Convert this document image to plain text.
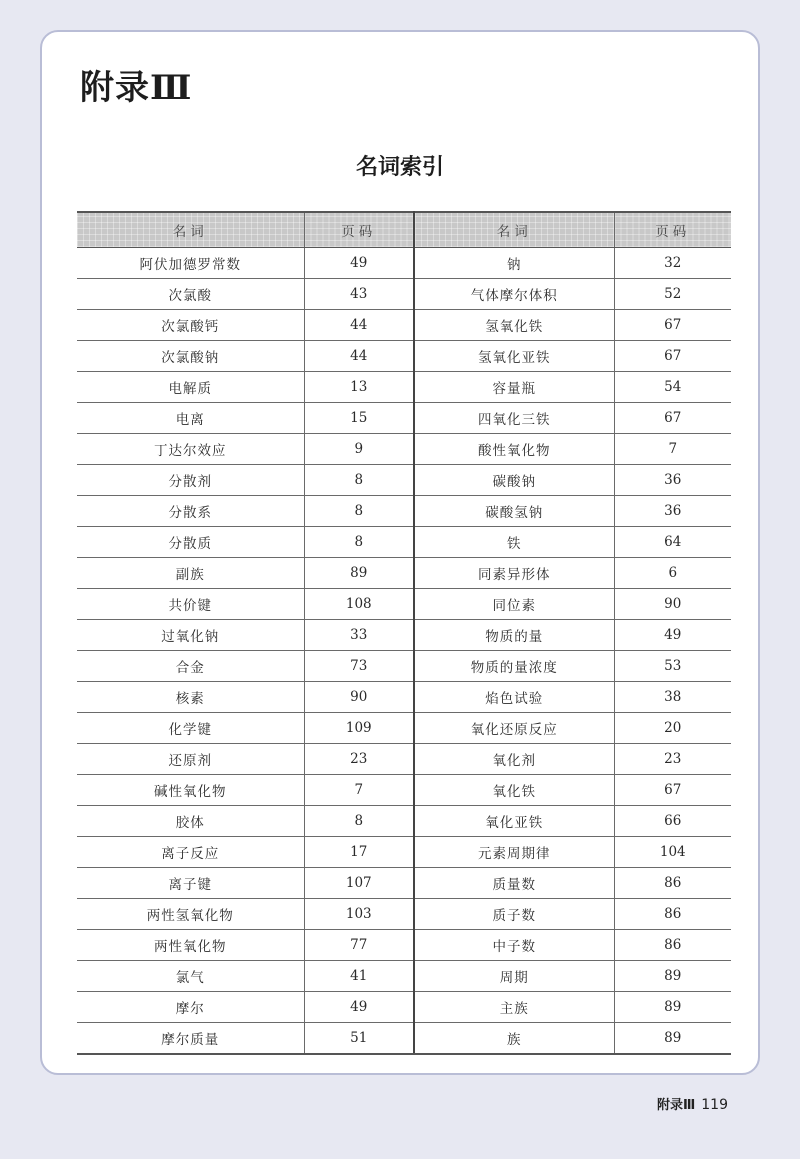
附录Ⅲ
名词索引
名词	页码	名词	页码
阿伏加德罗常数	49	钠	32
次氯酸	43	气体摩尔体积	52
次氯酸钙	44	氢氧化铁	67
次氯酸钠	44	氢氧化亚铁	67
电解质	13	容量瓶	54
电离	15	四氧化三铁	67
丁达尔效应	9	酸性氧化物	7
分散剂	8	碳酸钠	36
分散系	8	碳酸氢钠	36
分散质	8	铁	64
副族	89	同素异形体	6
共价键	108	同位素	90
过氧化钠	33	物质的量	49
合金	73	物质的量浓度	53
核素	90	焰色试验	38
化学键	109	氧化还原反应	20
还原剂	23	氧化剂	23
碱性氧化物	7	氧化铁	67
胶体	8	氧化亚铁	66
离子反应	17	元素周期律	104
离子键	107	质量数	86
两性氢氧化物	103	质子数	86
两性氧化物	77	中子数	86
氯气	41	周期	89
摩尔	49	主族	89
摩尔质量	51	族	89
附录Ⅲ 119
